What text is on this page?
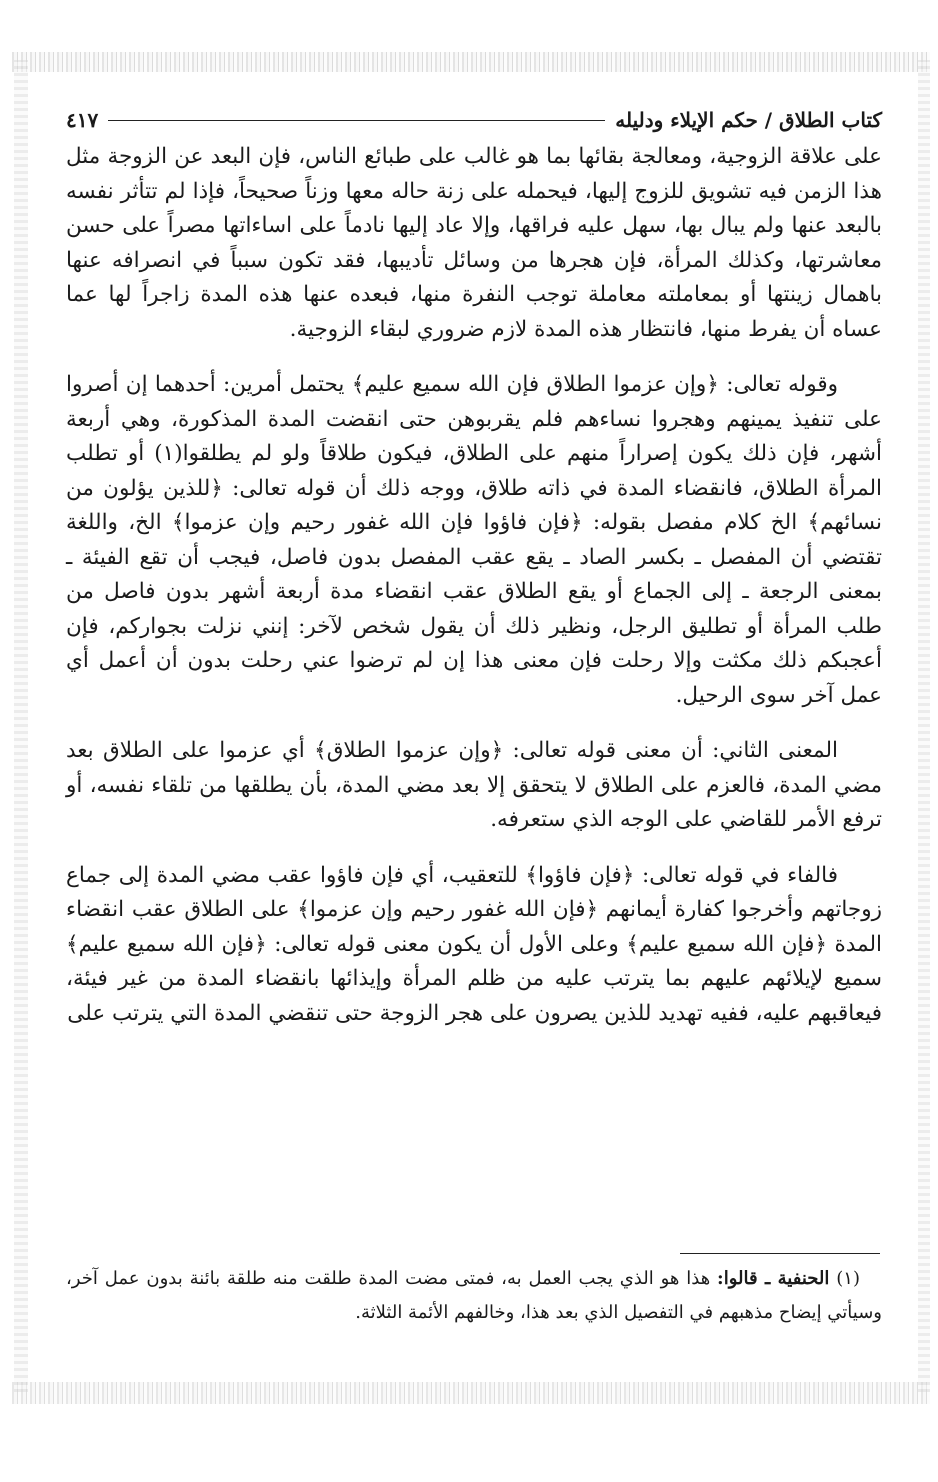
كتاب الطلاق / حكم الإيلاء ودليله
٤١٧

على علاقة الزوجية، ومعالجة بقائها بما هو غالب على طبائع الناس، فإن البعد عن الزوجة مثل هذا الزمن فيه تشويق للزوج إليها، فيحمله على زنة حاله معها وزناً صحيحاً، فإذا لم تتأثر نفسه بالبعد عنها ولم يبال بها، سهل عليه فراقها، وإلا عاد إليها نادماً على اساءاتها مصراً على حسن معاشرتها، وكذلك المرأة، فإن هجرها من وسائل تأديبها، فقد تكون سبباً في انصرافه عنها باهمال زينتها أو بمعاملته معاملة توجب النفرة منها، فبعده عنها هذه المدة زاجراً لها عما عساه أن يفرط منها، فانتظار هذه المدة لازم ضروري لبقاء الزوجية.

وقوله تعالى: ﴿وإن عزموا الطلاق فإن الله سميع عليم﴾ يحتمل أمرين: أحدهما إن أصروا على تنفيذ يمينهم وهجروا نساءهم فلم يقربوهن حتى انقضت المدة المذكورة، وهي أربعة أشهر، فإن ذلك يكون إصراراً منهم على الطلاق، فيكون طلاقاً ولو لم يطلقوا(١) أو تطلب المرأة الطلاق، فانقضاء المدة في ذاته طلاق، ووجه ذلك أن قوله تعالى: ﴿للذين يؤلون من نسائهم﴾ الخ كلام مفصل بقوله: ﴿فإن فاؤوا فإن الله غفور رحيم وإن عزموا﴾ الخ، واللغة تقتضي أن المفصل ـ بكسر الصاد ـ يقع عقب المفصل بدون فاصل، فيجب أن تقع الفيئة ـ بمعنى الرجعة ـ إلى الجماع أو يقع الطلاق عقب انقضاء مدة أربعة أشهر بدون فاصل من طلب المرأة أو تطليق الرجل، ونظير ذلك أن يقول شخص لآخر: إنني نزلت بجواركم، فإن أعجبكم ذلك مكثت وإلا رحلت فإن معنى هذا إن لم ترضوا عني رحلت بدون أن أعمل أي عمل آخر سوى الرحيل.

المعنى الثاني: أن معنى قوله تعالى: ﴿وإن عزموا الطلاق﴾ أي عزموا على الطلاق بعد مضي المدة، فالعزم على الطلاق لا يتحقق إلا بعد مضي المدة، بأن يطلقها من تلقاء نفسه، أو ترفع الأمر للقاضي على الوجه الذي ستعرفه.

فالفاء في قوله تعالى: ﴿فإن فاؤوا﴾ للتعقيب، أي فإن فاؤوا عقب مضي المدة إلى جماع زوجاتهم وأخرجوا كفارة أيمانهم ﴿فإن الله غفور رحيم وإن عزموا﴾ على الطلاق عقب انقضاء المدة ﴿فإن الله سميع عليم﴾ وعلى الأول أن يكون معنى قوله تعالى: ﴿فإن الله سميع عليم﴾ سميع لإيلائهم عليهم بما يترتب عليه من ظلم المرأة وإيذائها بانقضاء المدة من غير فيئة، فيعاقبهم عليه، ففيه تهديد للذين يصرون على هجر الزوجة حتى تنقضي المدة التي يترتب على

(١) الحنفية ـ قالوا: هذا هو الذي يجب العمل به، فمتى مضت المدة طلقت منه طلقة بائنة بدون عمل آخر، وسيأتي إيضاح مذهبهم في التفصيل الذي بعد هذا، وخالفهم الأئمة الثلاثة.
